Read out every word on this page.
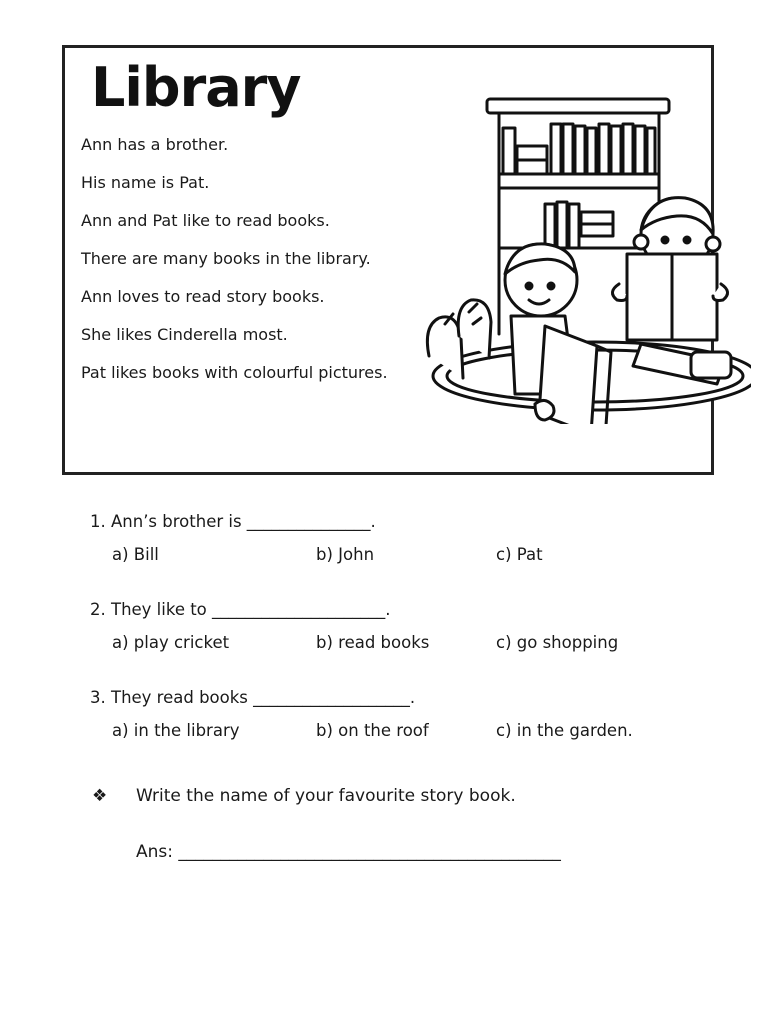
Library

Ann has a brother.

His name is Pat.

Ann and Pat like to read books.

There are many books in the library.

Ann loves to read story books.

She likes Cinderella most.

Pat likes books with colourful pictures.

1. Ann’s brother is _______________.
a) Bill	b) John	c) Pat
2. They like to _____________________.
a) play cricket	b) read books	c) go shopping
3. They read books ___________________.
a) in the library	b) on the roof	c) in the garden.
❖ Write the name of your favourite story book.
Ans: _____________________________________________
